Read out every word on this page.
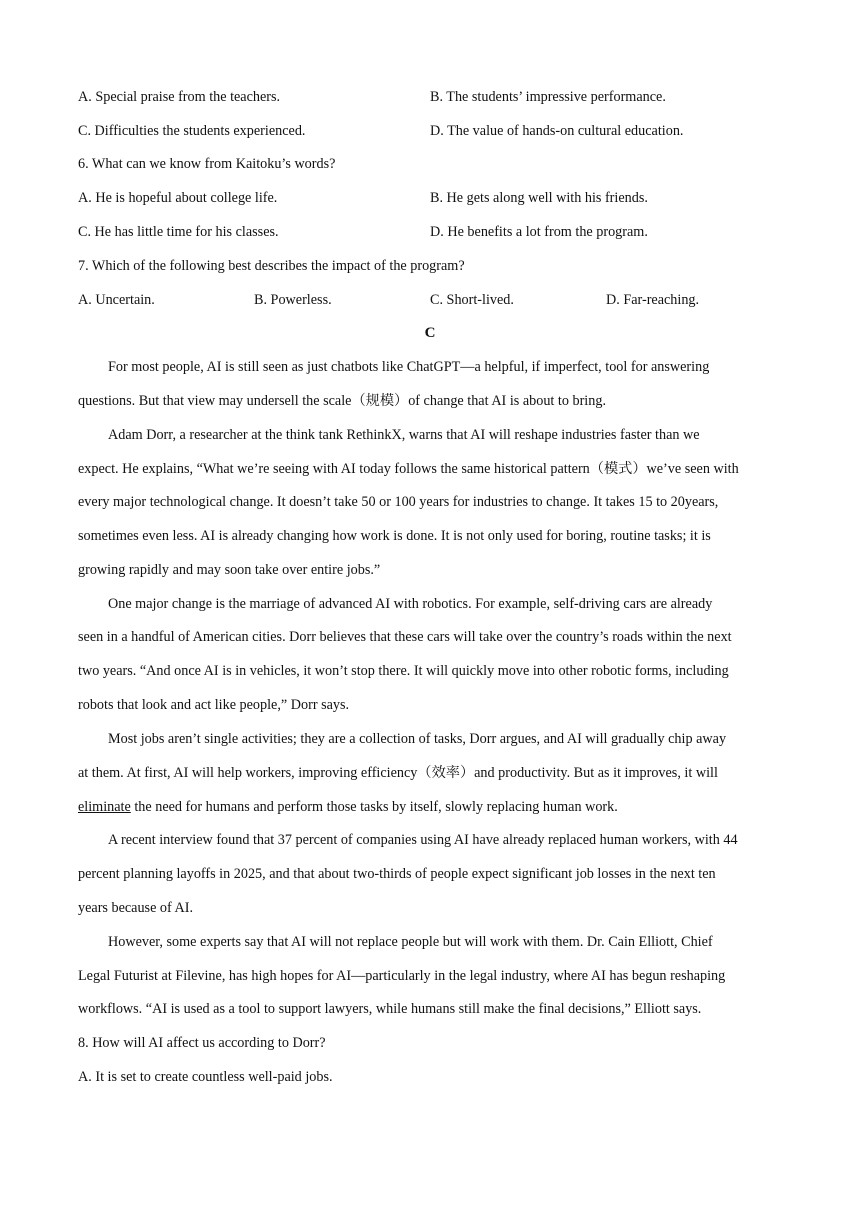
A. Special praise from the teachers.	B. The students’ impressive performance.
C. Difficulties the students experienced.	D. The value of hands-on cultural education.
6. What can we know from Kaitoku’s words?
A. He is hopeful about college life.	B. He gets along well with his friends.
C. He has little time for his classes.	D. He benefits a lot from the program.
7. Which of the following best describes the impact of the program?
A. Uncertain.	B. Powerless.	C. Short-lived.	D. Far-reaching.
C
For most people, AI is still seen as just chatbots like ChatGPT—a helpful, if imperfect, tool for answering
questions. But that view may undersell the scale（规模）of change that AI is about to bring.
Adam Dorr, a researcher at the think tank RethinkX, warns that AI will reshape industries faster than we
expect. He explains, “What we’re seeing with AI today follows the same historical pattern（模式）we’ve seen with
every major technological change. It doesn’t take 50 or 100 years for industries to change. It takes 15 to 20years,
sometimes even less. AI is already changing how work is done. It is not only used for boring, routine tasks; it is
growing rapidly and may soon take over entire jobs.”
One major change is the marriage of advanced AI with robotics. For example, self-driving cars are already
seen in a handful of American cities. Dorr believes that these cars will take over the country’s roads within the next
two years. “And once AI is in vehicles, it won’t stop there. It will quickly move into other robotic forms, including
robots that look and act like people,” Dorr says.
Most jobs aren’t single activities; they are a collection of tasks, Dorr argues, and AI will gradually chip away
at them. At first, AI will help workers, improving efficiency（效率）and productivity. But as it improves, it will
eliminate the need for humans and perform those tasks by itself, slowly replacing human work.
A recent interview found that 37 percent of companies using AI have already replaced human workers, with 44
percent planning layoffs in 2025, and that about two-thirds of people expect significant job losses in the next ten
years because of AI.
However, some experts say that AI will not replace people but will work with them. Dr. Cain Elliott, Chief
Legal Futurist at Filevine, has high hopes for AI—particularly in the legal industry, where AI has begun reshaping
workflows. “AI is used as a tool to support lawyers, while humans still make the final decisions,” Elliott says.
8. How will AI affect us according to Dorr?
A. It is set to create countless well-paid jobs.
